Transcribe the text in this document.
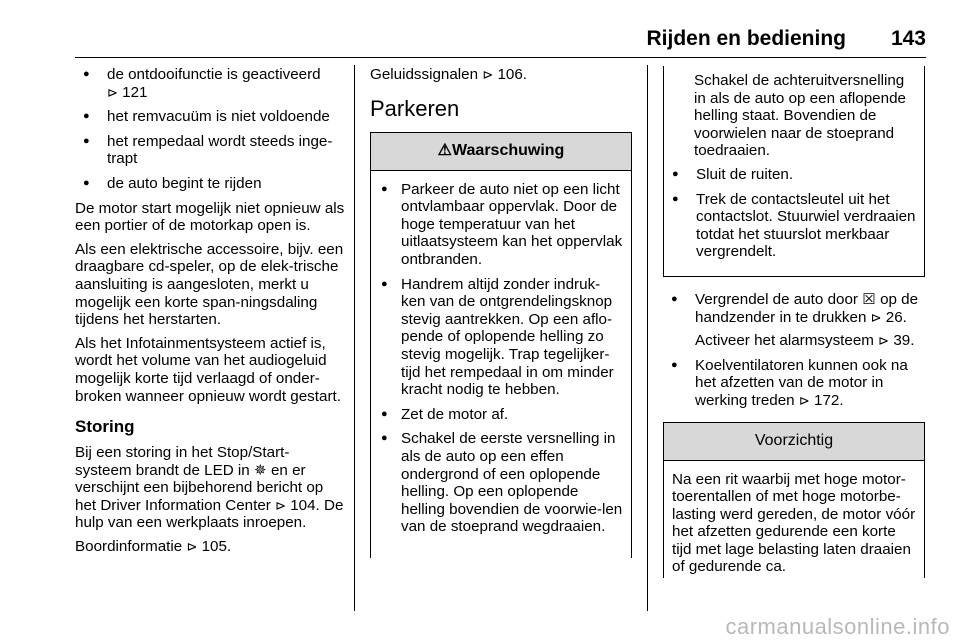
Rijden en bediening 143
● de ontdooifunctie is geactiveerd
⊳ 121
● het remvacuüm is niet voldoende
● het rempedaal wordt steeds inge-trapt
● de auto begint te rijden

De motor start mogelijk niet opnieuw als een portier of de motorkap open is.

Als een elektrische accessoire, bijv. een draagbare cd-speler, op de elek-trische aansluiting is aangesloten, merkt u mogelijk een korte span-ningsdaling tijdens het herstarten.

Als het Infotainmentsysteem actief is, wordt het volume van het audiogeluid mogelijk korte tijd verlaagd of onder-broken wanneer opnieuw wordt gestart.

Storing

Bij een storing in het Stop/Start-systeem brandt de LED in ✵ en er verschijnt een bijbehorend bericht op het Driver Information Center ⊳ 104. De hulp van een werkplaats inroepen.

Boordinformatie ⊳ 105.

Geluidssignalen ⊳ 106.

Parkeren
⚠Waarschuwing
● Parkeer de auto niet op een licht ontvlambaar oppervlak. Door de hoge temperatuur van het uitlaatsysteem kan het oppervlak ontbranden.
● Handrem altijd zonder indruk-ken van de ontgrendelingsknop stevig aantrekken. Op een aflo-pende of oplopende helling zo stevig mogelijk. Trap tegelijker-tijd het rempedaal in om minder kracht nodig te hebben.
● Zet de motor af.
● Schakel de eerste versnelling in als de auto op een effen ondergrond of een oplopende helling. Op een oplopende helling bovendien de voorwie-len van de stoeprand wegdraaien.

Schakel de achteruitversnelling in als de auto op een aflopende helling staat. Bovendien de voorwielen naar de stoeprand toedraaien.

● Sluit de ruiten.
● Trek de contactsleutel uit het contactslot. Stuurwiel verdraaien totdat het stuurslot merkbaar vergrendelt.
● Vergrendel de auto door ☒ op de handzender in te drukken ⊳ 26.
Activeer het alarmsysteem ⊳ 39.
● Koelventilatoren kunnen ook na het afzetten van de motor in werking treden ⊳ 172.
Voorzichtig
Na een rit waarbij met hoge motor-toerentallen of met hoge motorbe-lasting werd gereden, de motor vóór het afzetten gedurende een korte tijd met lage belasting laten draaien of gedurende ca.
carmanualsonline.info
